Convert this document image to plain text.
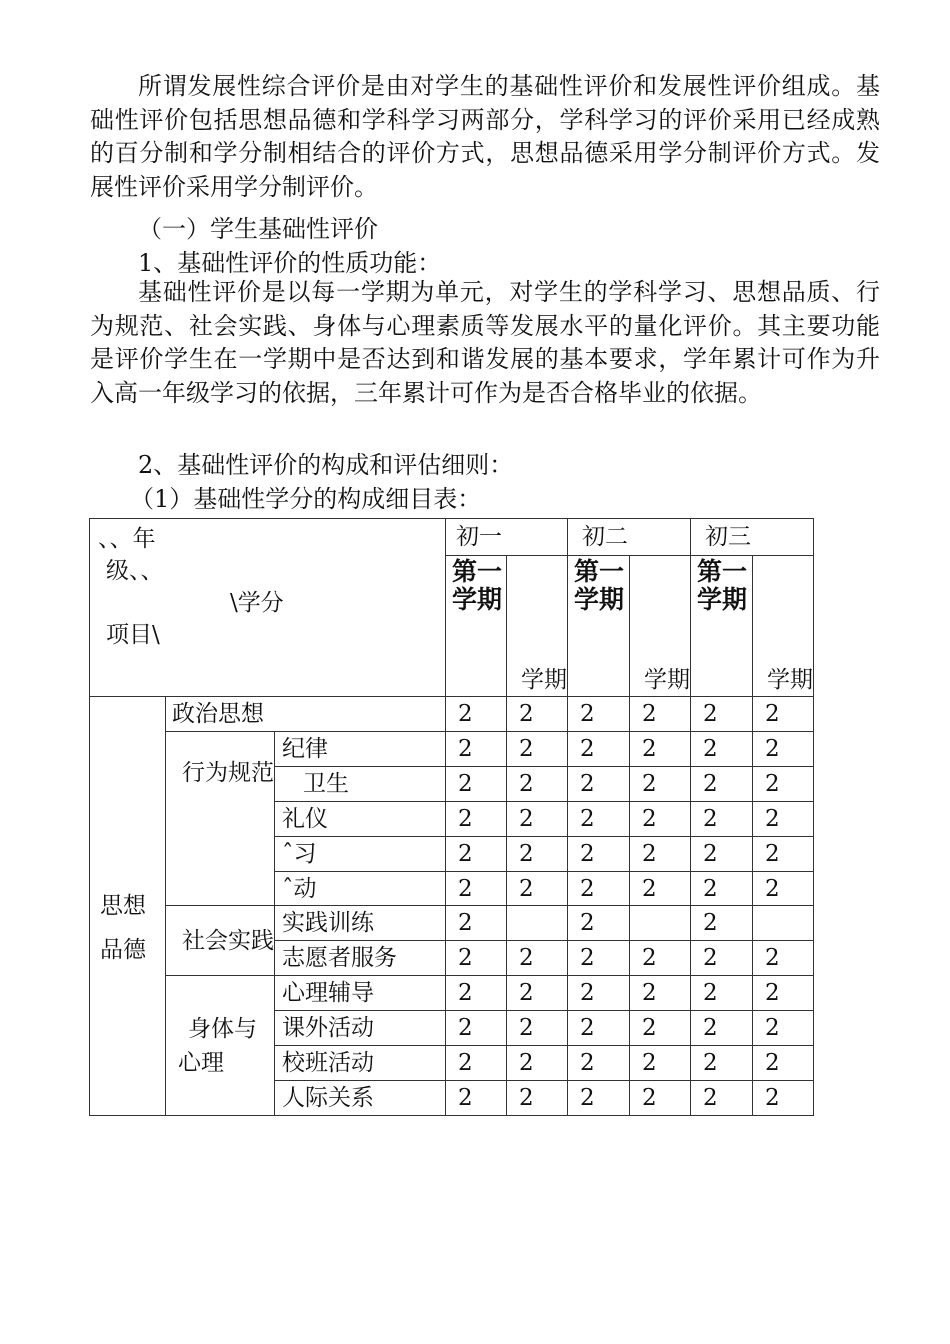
所谓发展性综合评价是由对学生的基础性评价和发展性评价组成。基础性评价包括思想品德和学科学习两部分，学科学习的评价采用已经成熟的百分制和学分制相结合的评价方式，思想品德采用学分制评价方式。发展性评价采用学分制评价。
（一）学生基础性评价
1、基础性评价的性质功能：
基础性评价是以每一学期为单元，对学生的学科学习、思想品质、行为规范、社会实践、身体与心理素质等发展水平的量化评价。其主要功能是评价学生在一学期中是否达到和谐发展的基本要求，学年累计可作为升入高一年级学习的依据，三年累计可作为是否合格毕业的依据。
2、基础性评价的构成和评估细则：
（1）基础性学分的构成细目表：
、、年
级、、
\学分
项目\			初一		初二		初三	
			第一学期	学期	第一学期	学期	第一学期	学期

思想品德	政治思想		2	2	2	2	2	2

	行为规范	纪律	2	2	2	2	2	2
		卫生	2	2	2	2	2	2
		礼仪	2	2	2	2	2	2
		ˆ习	2	2	2	2	2	2
		ˆ动	2	2	2	2	2	2

	社会实践	实践训练	2		2		2	
		志愿者服务	2	2	2	2	2	2

	身体与心理	心理辅导	2	2	2	2	2	2
		课外活动	2	2	2	2	2	2
		校班活动	2	2	2	2	2	2
		人际关系	2	2	2	2	2	2
